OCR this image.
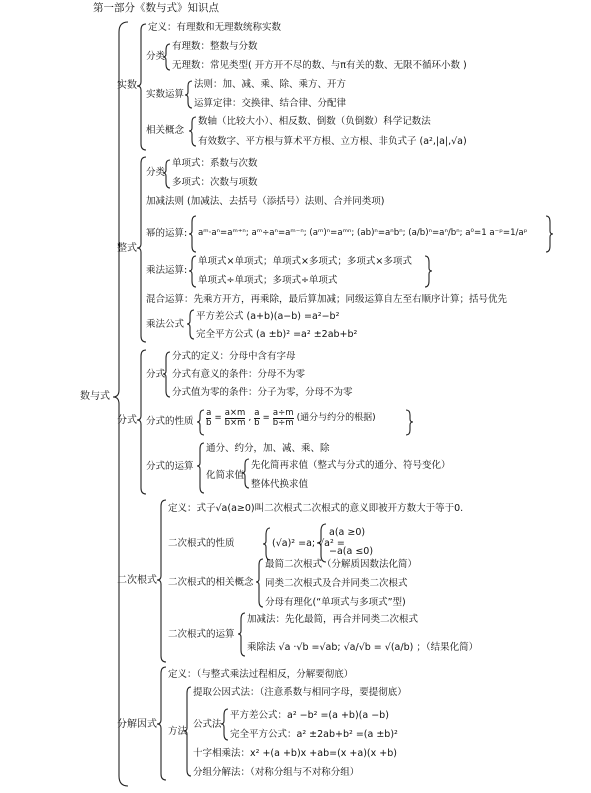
第一部分《数与式》知识点
数与式
实数
定义：有理数和无理数统称实数
分类
有理数：整数与分数
无理数：常见类型( 开方开不尽的数、与π有关的数、无限不循环小数 )
实数运算
法则：加、减、乘、除、乘方、开方
运算定律：交换律、结合律、分配律
相关概念
数轴（比较大小）、相反数、倒数（负倒数）科学记数法
有效数字、平方根与算术平方根、立方根、非负式子 (a²,|a|,√a)
整式
分类
单项式：系数与次数
多项式：次数与项数
加减法则 (加减法、去括号（添括号）法则、合并同类项)
幂的运算: aᵐ·aⁿ=aᵐ⁺ⁿ; aᵐ÷aⁿ=aᵐ⁻ⁿ; (aᵐ)ⁿ=aᵐⁿ; (ab)ⁿ=aⁿbⁿ; (a/b)ⁿ=aⁿ/bⁿ; a⁰=1 a⁻ᵖ=1/aᵖ
乘法运算:
单项式×单项式；单项式×多项式；多项式×多项式
单项式÷单项式；多项式÷单项式
混合运算：先乘方开方，再乘除，最后算加减；同级运算自左至右顺序计算；括号优先
乘法公式
平方差公式 (a+b)(a−b) =a²−b²
完全平方公式 (a ±b)² =a² ±2ab+b²
分式
分式
分式的定义：分母中含有字母
分式有意义的条件：分母不为零
分式值为零的条件：分子为零，分母不为零
分式的性质 $\frac{a}{b} = \frac{a\times m}{b\times m}$ , $\frac{a}{b} = \frac{a\div m}{b\div m}$ (通分与约分的根据)
分式的运算
通分、约分，加、减、乘、除
化简求值
先化简再求值（整式与分式的通分、符号变化）
整体代换求值
二次根式
定义：式子√a(a≥0)叫二次根式二次根式的意义即被开方数大于等于0.
二次根式的性质	(√a)² =a; √a² =
a(a ≥0)
−a(a ≤0)
二次根式的相关概念
最简二次根式（分解质因数法化简）
同类二次根式及合并同类二次根式
分母有理化(“单项式与多项式”型)
二次根式的运算
加减法：先化最简，再合并同类二次根式
乘除法 √a ·√b =√ab; √a/√b = √(a/b) ；（结果化简）
分解因式
定义：（与整式乘法过程相反，分解要彻底）
方法
提取公因式法：（注意系数与相同字母，要提彻底）
公式法
平方差公式：a² −b² =(a +b)(a −b)
完全平方公式：a² ±2ab+b² =(a ±b)²
十字相乘法：x² +(a +b)x +ab=(x +a)(x +b)
分组分解法：（对称分组与不对称分组）
